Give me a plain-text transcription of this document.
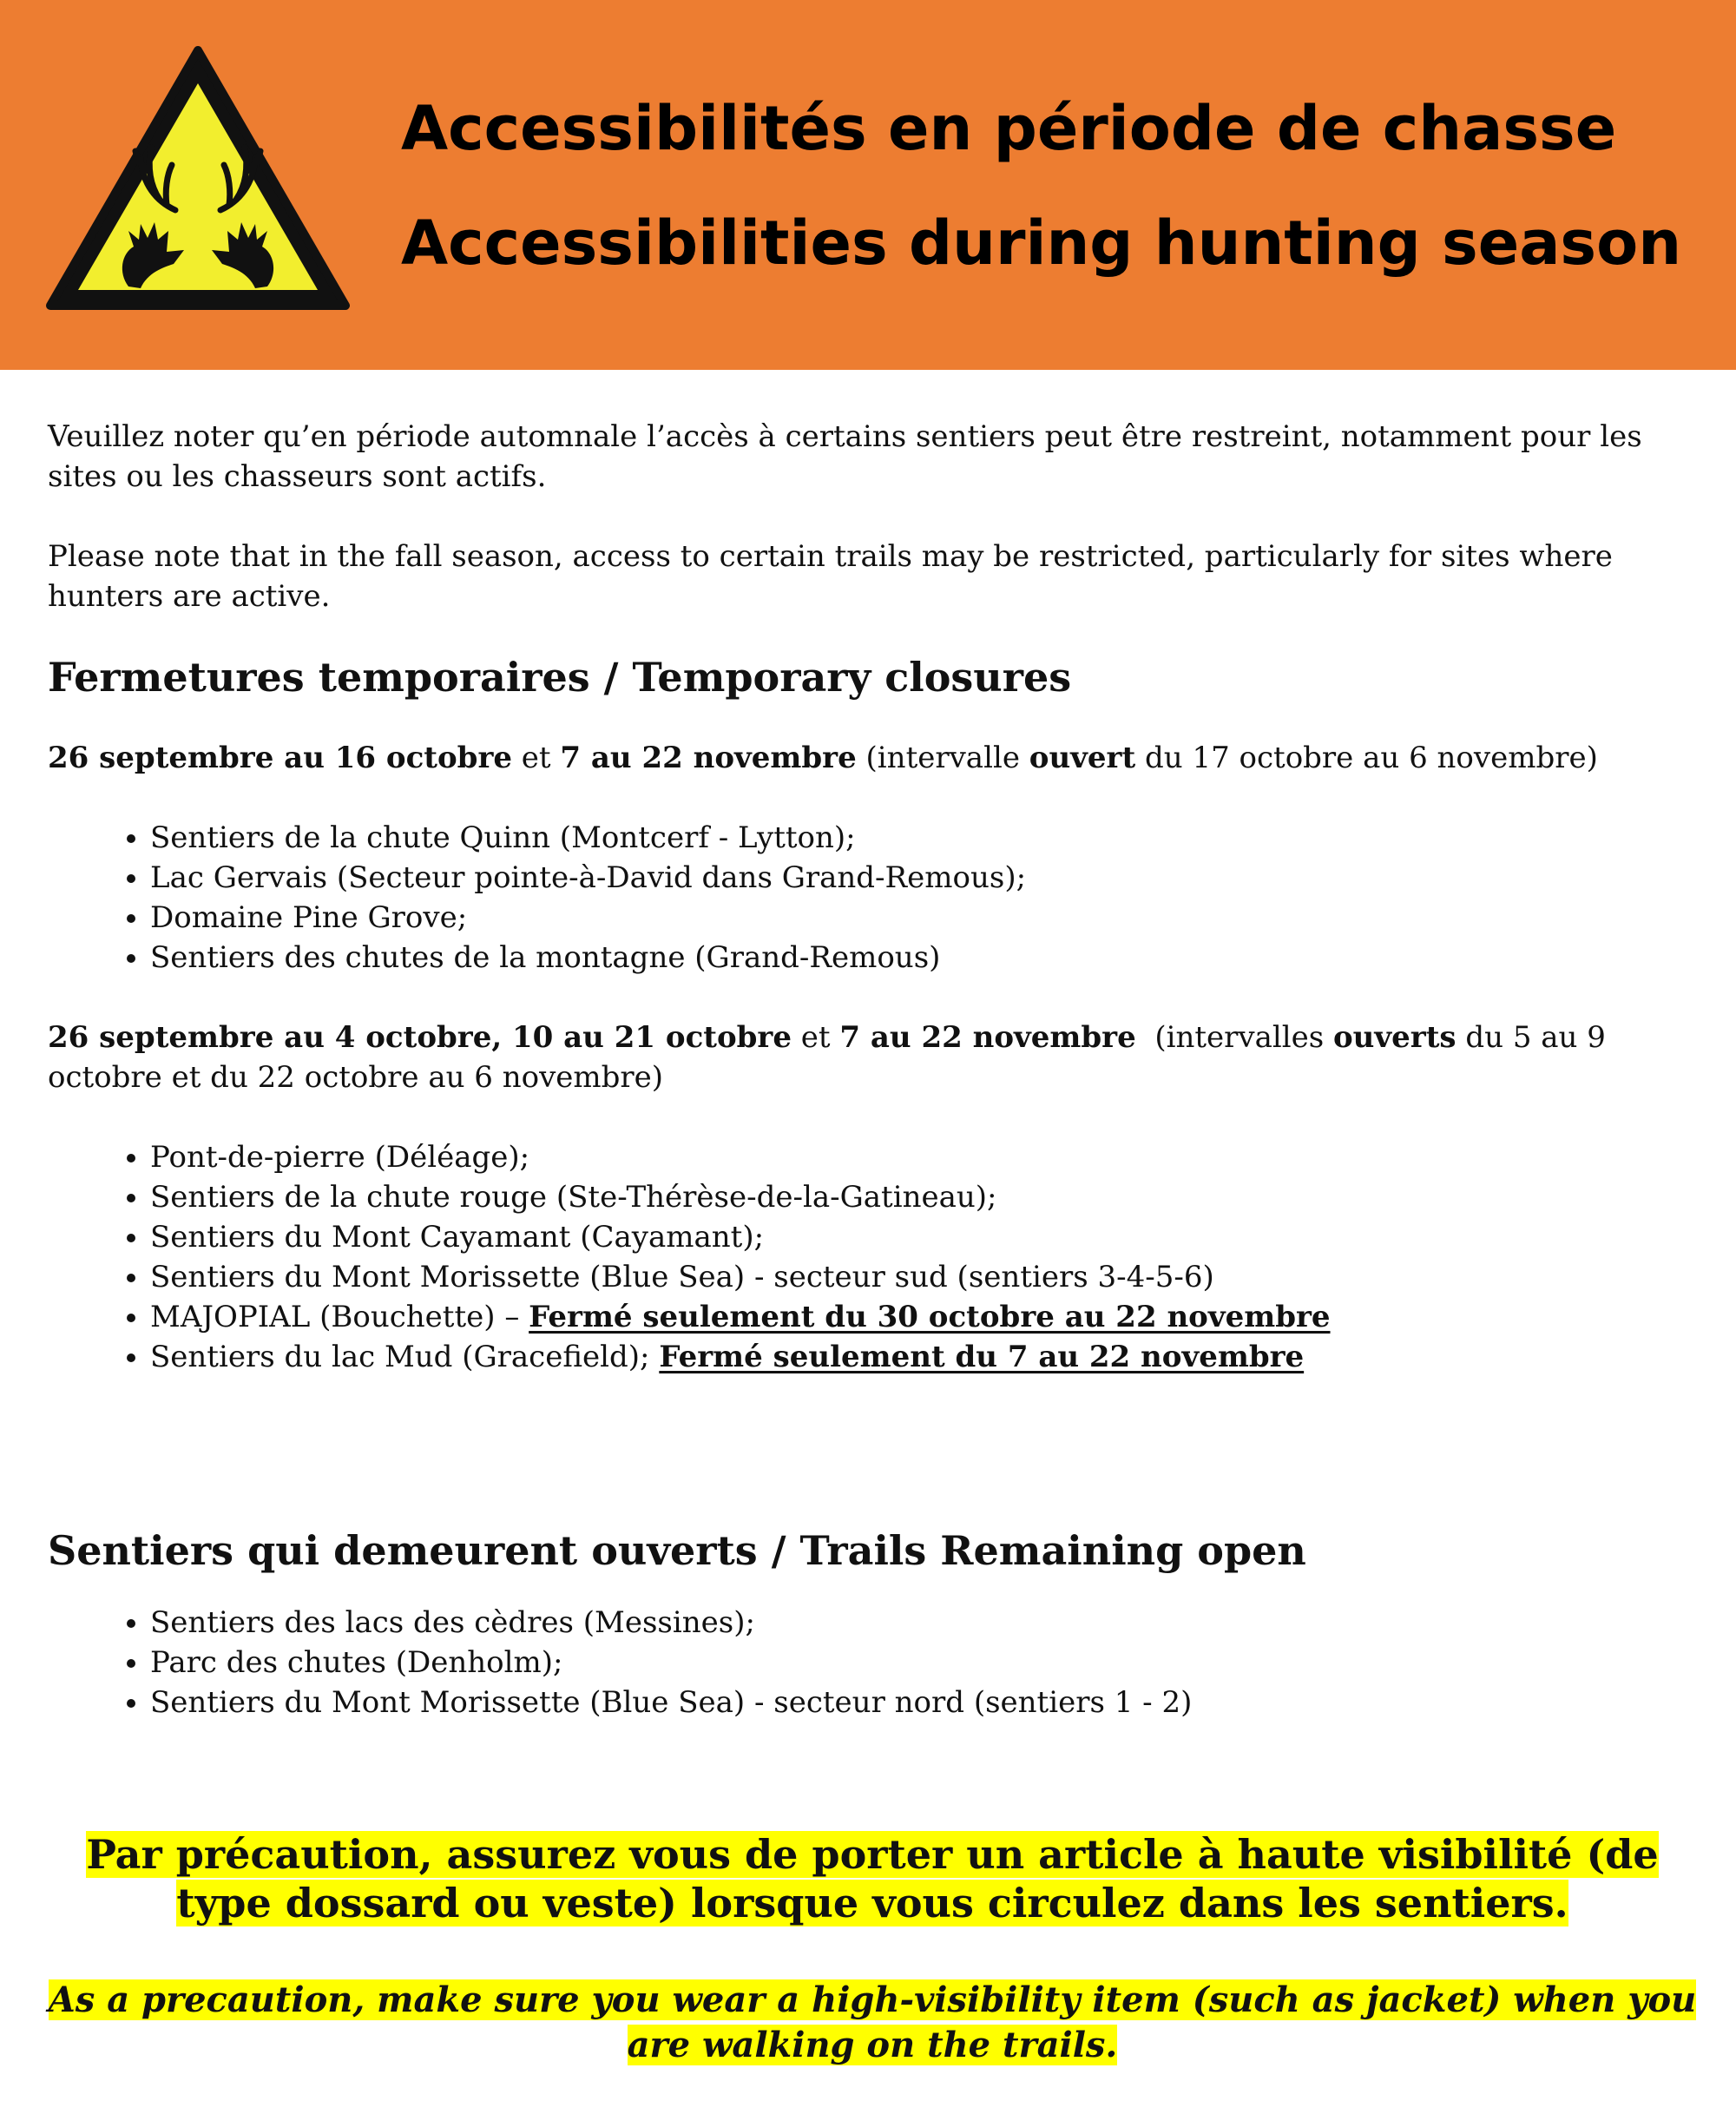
Accessibilités en période de chasse
Accessibilities during hunting season

Veuillez noter qu’en période automnale l’accès à certains sentiers peut être restreint, notamment pour les sites ou les chasseurs sont actifs.

Please note that in the fall season, access to certain trails may be restricted, particularly for sites where hunters are active.

Fermetures temporaires / Temporary closures

26 septembre au 16 octobre et 7 au 22 novembre (intervalle ouvert du 17 octobre au 6 novembre)

• Sentiers de la chute Quinn (Montcerf - Lytton);
• Lac Gervais (Secteur pointe-à-David dans Grand-Remous);
• Domaine Pine Grove;
• Sentiers des chutes de la montagne (Grand-Remous)

26 septembre au 4 octobre, 10 au 21 octobre et 7 au 22 novembre  (intervalles ouverts du 5 au 9 octobre et du 22 octobre au 6 novembre)

• Pont-de-pierre (Déléage);
• Sentiers de la chute rouge (Ste-Thérèse-de-la-Gatineau);
• Sentiers du Mont Cayamant (Cayamant);
• Sentiers du Mont Morissette (Blue Sea) - secteur sud (sentiers 3-4-5-6)
• MAJOPIAL (Bouchette) – Fermé seulement du 30 octobre au 22 novembre
• Sentiers du lac Mud (Gracefield); Fermé seulement du 7 au 22 novembre
Sentiers qui demeurent ouverts / Trails Remaining open
• Sentiers des lacs des cèdres (Messines);
• Parc des chutes (Denholm);
• Sentiers du Mont Morissette (Blue Sea) - secteur nord (sentiers 1 - 2)

Par précaution, assurez vous de porter un article à haute visibilité (de type dossard ou veste) lorsque vous circulez dans les sentiers.

As a precaution, make sure you wear a high-visibility item (such as jacket) when you are walking on the trails.
